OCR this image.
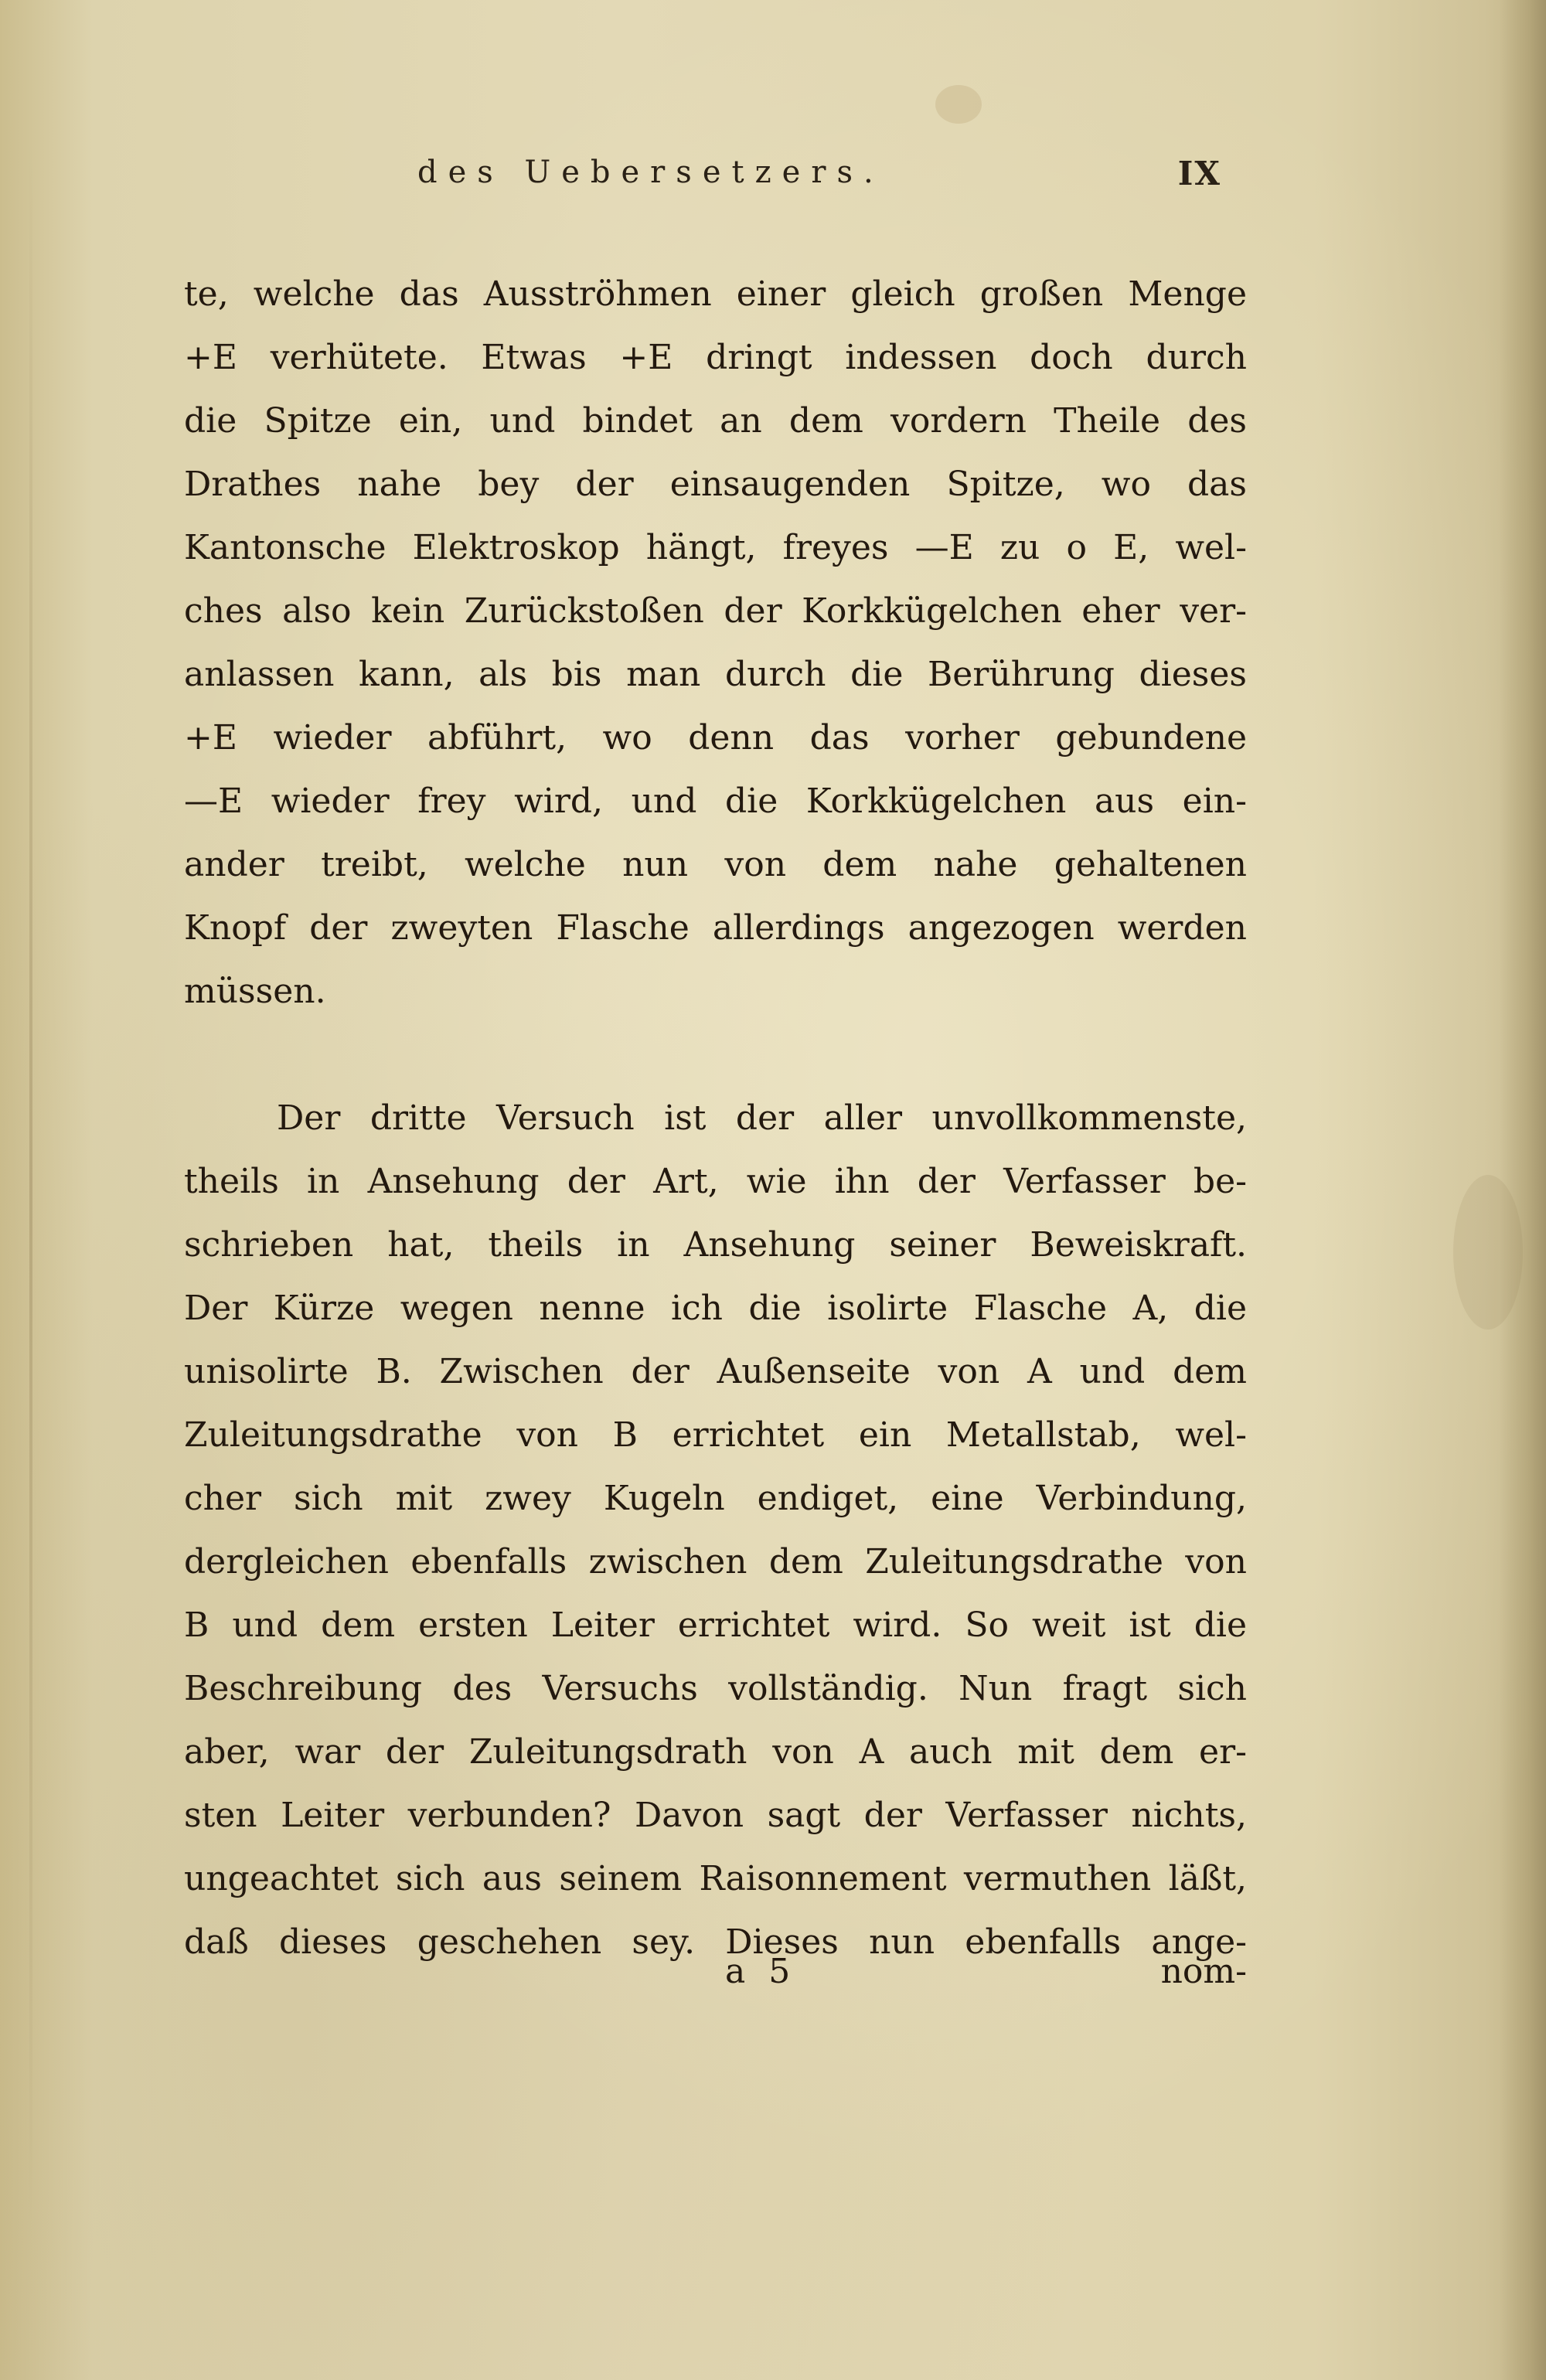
des Uebersetzers.	IX
te, welche das Ausströhmen einer gleich großen Menge
+E verhütete. Etwas +E dringt indessen doch durch
die Spitze ein, und bindet an dem vordern Theile des
Drathes nahe bey der einsaugenden Spitze, wo das
Kantonsche Elektroskop hängt, freyes —E zu o E, wel-
ches also kein Zurückstoßen der Korkkügelchen eher ver-
anlassen kann, als bis man durch die Berührung dieses
+E wieder abführt, wo denn das vorher gebundene
—E wieder frey wird, und die Korkkügelchen aus ein-
ander treibt, welche nun von dem nahe gehaltenen
Knopf der zweyten Flasche allerdings angezogen werden
müssen.
Der dritte Versuch ist der aller unvollkommenste,
theils in Ansehung der Art, wie ihn der Verfasser be-
schrieben hat, theils in Ansehung seiner Beweiskraft.
Der Kürze wegen nenne ich die isolirte Flasche A, die
unisolirte B. Zwischen der Außenseite von A und dem
Zuleitungsdrathe von B errichtet ein Metallstab, wel-
cher sich mit zwey Kugeln endiget, eine Verbindung,
dergleichen ebenfalls zwischen dem Zuleitungsdrathe von
B und dem ersten Leiter errichtet wird. So weit ist die
Beschreibung des Versuchs vollständig. Nun fragt sich
aber, war der Zuleitungsdrath von A auch mit dem er-
sten Leiter verbunden? Davon sagt der Verfasser nichts,
ungeachtet sich aus seinem Raisonnement vermuthen läßt,
daß dieses geschehen sey. Dieses nun ebenfalls ange-
a 5	nom-
